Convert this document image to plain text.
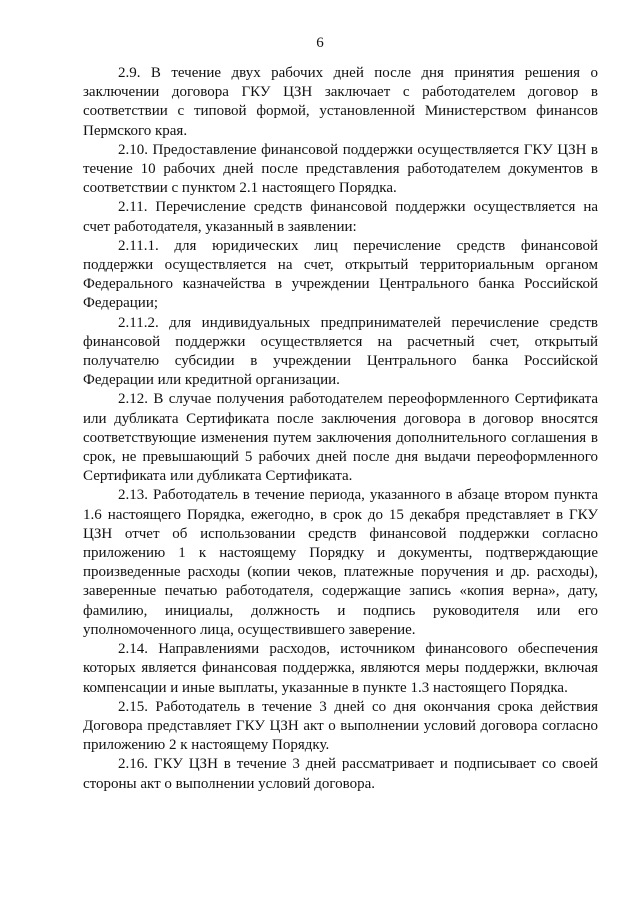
6

2.9. В течение двух рабочих дней после дня принятия решения о заключении договора ГКУ ЦЗН заключает с работодателем договор в соответствии с типовой формой, установленной Министерством финансов Пермского края.

2.10. Предоставление финансовой поддержки осуществляется ГКУ ЦЗН в течение 10 рабочих дней после представления работодателем документов в соответствии с пунктом 2.1 настоящего Порядка.

2.11. Перечисление средств финансовой поддержки осуществляется на счет работодателя, указанный в заявлении:

2.11.1. для юридических лиц перечисление средств финансовой поддержки осуществляется на счет, открытый территориальным органом Федерального казначейства в учреждении Центрального банка Российской Федерации;

2.11.2. для индивидуальных предпринимателей перечисление средств финансовой поддержки осуществляется на расчетный счет, открытый получателю субсидии в учреждении Центрального банка Российской Федерации или кредитной организации.

2.12. В случае получения работодателем переоформленного Сертификата или дубликата Сертификата после заключения договора в договор вносятся соответствующие изменения путем заключения дополнительного соглашения в срок, не превышающий 5 рабочих дней после дня выдачи переоформленного Сертификата или дубликата Сертификата.

2.13. Работодатель в течение периода, указанного в абзаце втором пункта 1.6 настоящего Порядка, ежегодно, в срок до 15 декабря представляет в ГКУ ЦЗН отчет об использовании средств финансовой поддержки согласно приложению 1 к настоящему Порядку и документы, подтверждающие произведенные расходы (копии чеков, платежные поручения и др. расходы), заверенные печатью работодателя, содержащие запись «копия верна», дату, фамилию, инициалы, должность и подпись руководителя или его уполномоченного лица, осуществившего заверение.

2.14. Направлениями расходов, источником финансового обеспечения которых является финансовая поддержка, являются меры поддержки, включая компенсации и иные выплаты, указанные в пункте 1.3 настоящего Порядка.

2.15. Работодатель в течение 3 дней со дня окончания срока действия Договора представляет ГКУ ЦЗН акт о выполнении условий договора согласно приложению 2 к настоящему Порядку.

2.16. ГКУ ЦЗН в течение 3 дней рассматривает и подписывает со своей стороны акт о выполнении условий договора.
